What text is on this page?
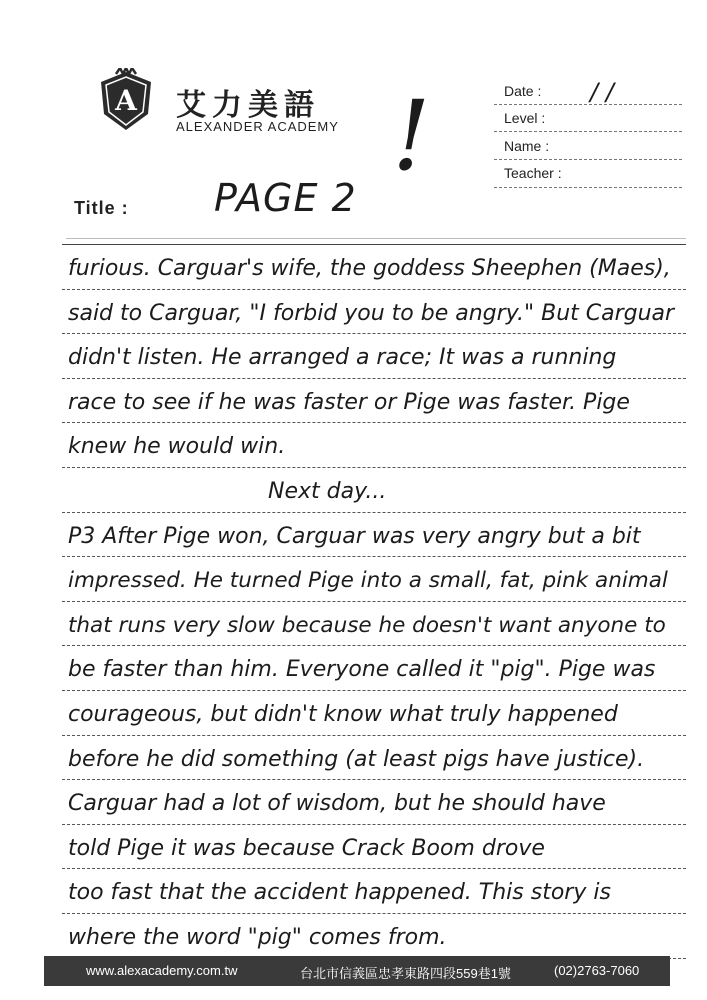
A 艾力美語
ALEXANDER ACADEMY
Date : / /
Level :
Name :
Teacher :
!
Title : PAGE 2
furious. Carguar's wife, the goddess Sheephen (Maes),
said to Carguar, "I forbid you to be angry." But Carguar
didn't listen. He arranged a race; It was a running
race to see if he was faster or Pige was faster. Pige
knew he would win.
Next day...
P3 After Pige won, Carguar was very angry but a bit
impressed. He turned Pige into a small, fat, pink animal
that runs very slow because he doesn't want anyone to
be faster than him. Everyone called it "pig". Pige was
courageous, but didn't know what truly happened
before he did something (at least pigs have justice).
Carguar had a lot of wisdom, but he should have
told Pige it was because Crack Boom drove
too fast that the accident happened. This story is
where the word "pig" comes from.
www.alexacademy.com.tw	台北市信義區忠孝東路四段559巷1號	(02)2763-7060
